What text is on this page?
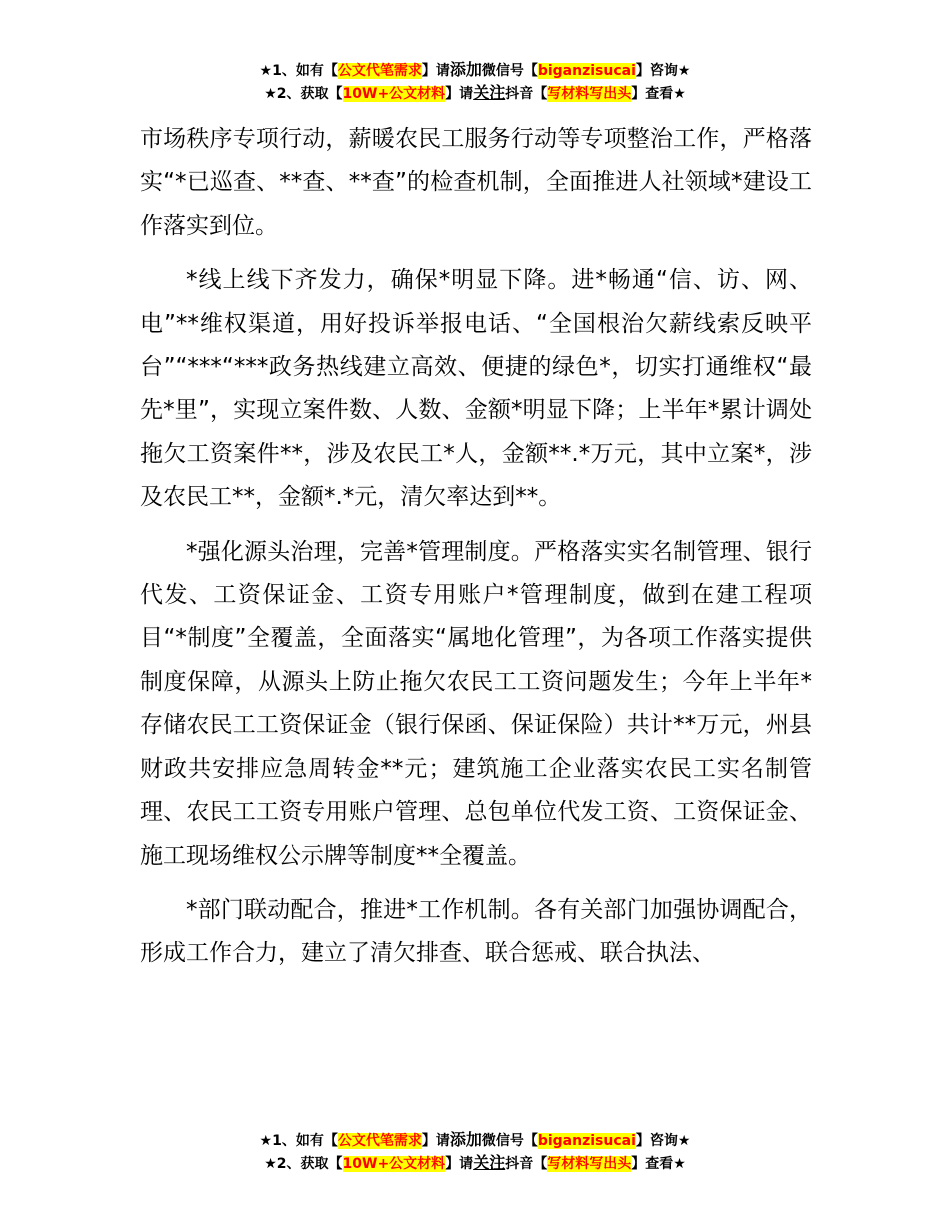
★1、如有【公文代笔需求】请添加微信号【biganzisucai】咨询★
★2、获取【10W+公文材料】请关注抖音【写材料写出头】查看★

市场秩序专项行动，薪暖农民工服务行动等专项整治工作，严格落实“*已巡查、**查、**查”的检查机制，全面推进人社领域*建设工作落实到位。

*线上线下齐发力，确保*明显下降。进*畅通“信、访、网、电”**维权渠道，用好投诉举报电话、“全国根治欠薪线索反映平台”“***“***政务热线建立高效、便捷的绿色*，切实打通维权“最先*里”，实现立案件数、人数、金额*明显下降；上半年*累计调处拖欠工资案件**，涉及农民工*人，金额**.*万元，其中立案*，涉及农民工**，金额*.*元，清欠率达到**。

*强化源头治理，完善*管理制度。严格落实实名制管理、银行代发、工资保证金、工资专用账户*管理制度，做到在建工程项目“*制度”全覆盖，全面落实“属地化管理”，为各项工作落实提供制度保障，从源头上防止拖欠农民工工资问题发生；今年上半年*存储农民工工资保证金（银行保函、保证保险）共计**万元，州县财政共安排应急周转金**元；建筑施工企业落实农民工实名制管理、农民工工资专用账户管理、总包单位代发工资、工资保证金、施工现场维权公示牌等制度**全覆盖。

*部门联动配合，推进*工作机制。各有关部门加强协调配合，形成工作合力，建立了清欠排查、联合惩戒、联合执法、

★1、如有【公文代笔需求】请添加微信号【biganzisucai】咨询★
★2、获取【10W+公文材料】请关注抖音【写材料写出头】查看★
